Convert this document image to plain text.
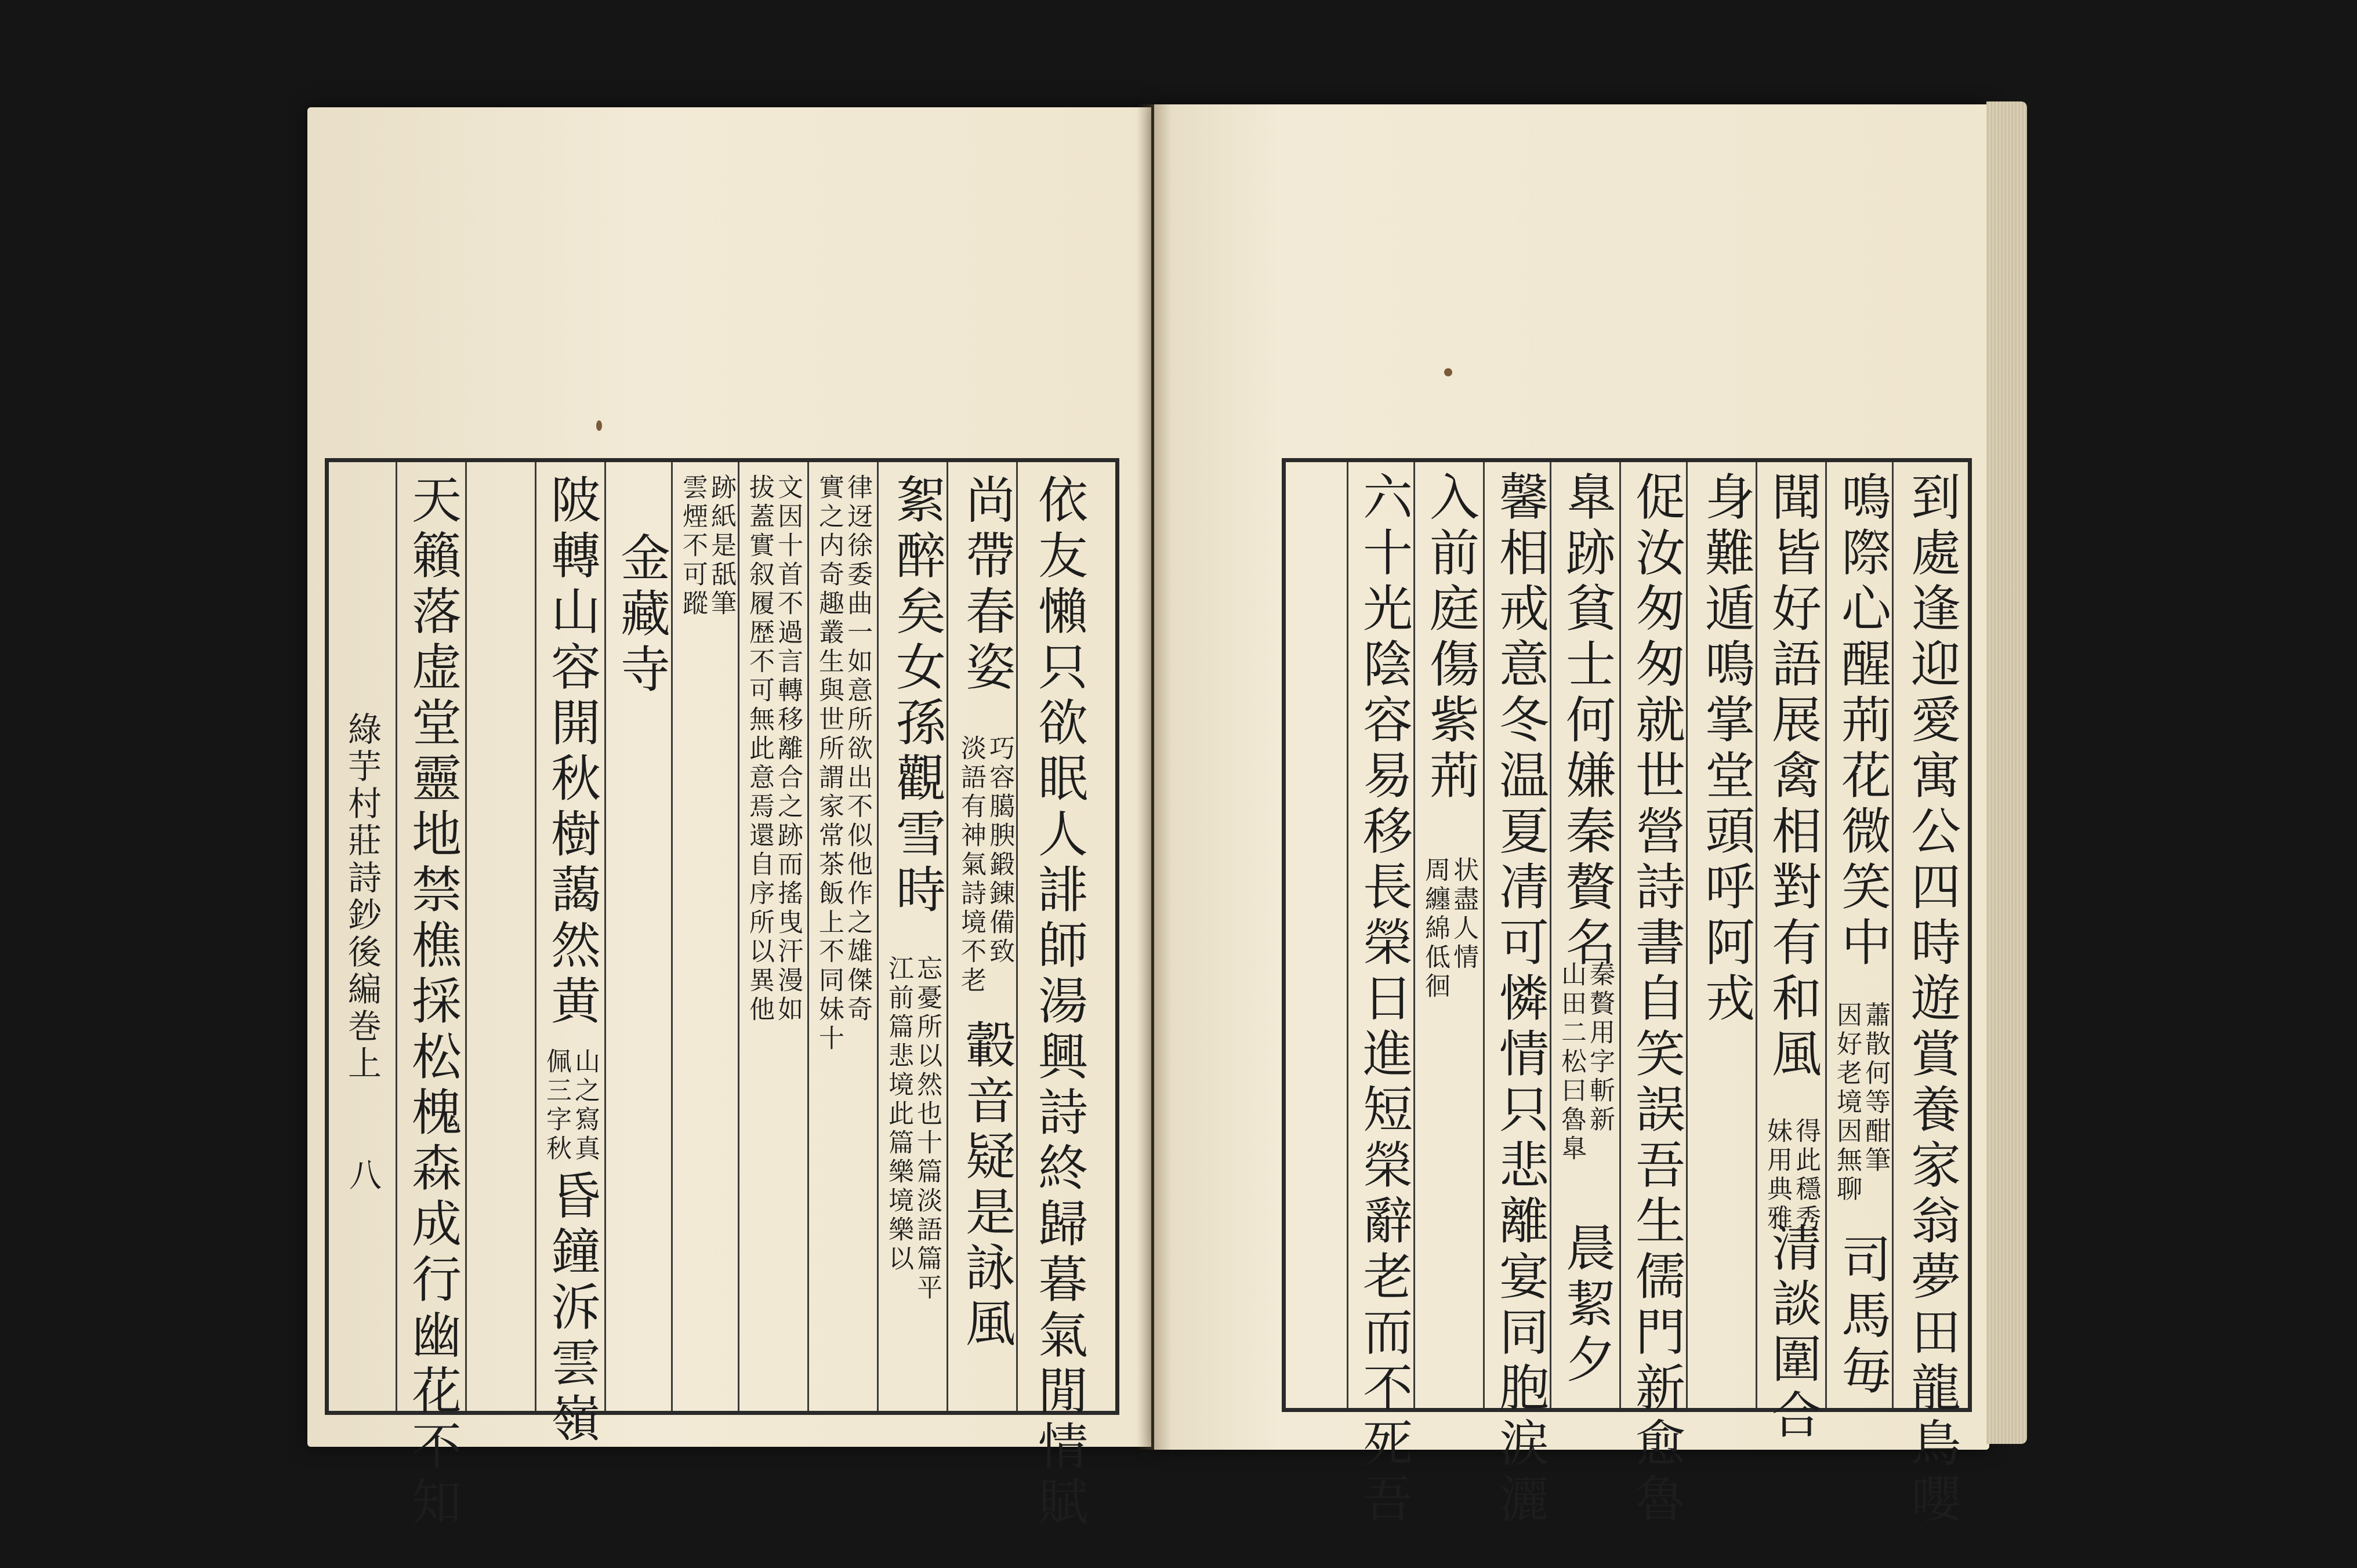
依友懶只欲眠人誹師湯興詩終歸暮氣閒情賦
尚帶春姿
淡語有神氣詩境不老 巧容臈腴鍛錬備致
轂音疑是詠風
絮醉矣女孫觀雪時
江前篇悲境此篇樂境樂以 忘憂所以然也十篇淡語篇平
實之内奇趣叢生與世所謂家常茶飯上不同妹十 律迓徐委曲一如意所欲出不似他作之雄傑奇
拔蓋實叙履歴不可無此意焉還自序所以異他 文因十首不過言轉移離合之跡而搖曳汗漫如
雲煙不可蹤 跡紙是舐筆
金藏寺
陂轉山容開秋樹藹然黄
佩三字秋 山之寫真
昏鐘泝雲嶺
天籟落虚堂靈地禁樵採松槐森成行幽花不知
綠芋村莊詩鈔後編巻上
八	到處逢迎愛寓公四時遊賞養家翁夢田龍鳥嚶
鳴際心醒荊花微笑中
因好老境因無聊 蕭散何等酣筆
司馬毎
聞皆好語展禽相對有和風
妹用典雅 得此穩秀
清談圍合
身難遁鳴掌堂頭呼阿戎
促汝匆匆就世營詩書自笑誤吾生儒門新愈魯
臯跡貧士何嫌秦贅名
山田二松曰魯臯 秦贅用字斬新
晨絜夕
馨相戒意冬温夏凊可憐情只悲離宴同胞涙灑
入前庭傷紫荊
周纏綿低徊 状盡人情
六十光陰容易移長榮日進短榮辭老而不死吾
